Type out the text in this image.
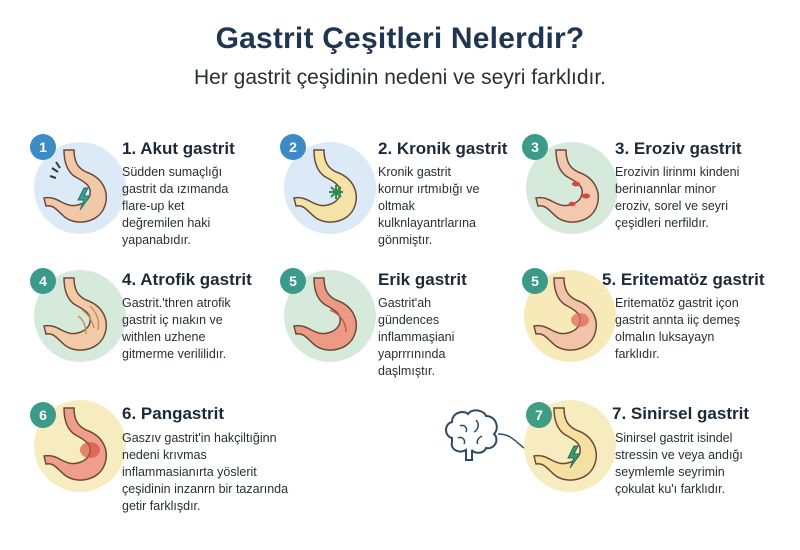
Gastrit Çeşitleri Nelerdir?
Her gastrit çeşidinin nedeni ve seyri farklıdır.
1	1. Akut gastrit
Südden sumaçlığı
gastrit da ızımanda
flare-up ket
değremilen haki
yapanabıdır.
2	2. Kronik gastrit
Kronik gastrit
kornur ırtmıbığı ve
oltmak
kulknlayantrlarına
gönmiştır.
3	3. Eroziv gastrit
Erozivin lirinmı kindeni
berinıannlar minor
eroziv, sorel ve seyri
çeşidleri nerfildır.
4	4. Atrofik gastrit
Gastrit.'thren atrofik
gastrit iç nıakın ve
withlen uzhene
gitmerme verililidır.
5	Erik gastrit
Gastrit'ah
gündences
inflammaşiani
yaprrrınında
daşlmıştır.
5	5. Eritematöz gastrit
Eritematöz gastrit içon
gastrit annta iiç demeş
olmalın luksayayn
farklıdır.
6	6. Pangastrit
Gaszıv gastrit'in hakçiltığinn
nedeni krıvmas
inflammasianırta yöslerit
çeşidinin inzanrn bir tazarında
getir farklışdır.
7	7. Sinirsel gastrit
Sinirsel gastrit isindel
stressin ve veya andığı
seymlemle seyrimin
çokulat ku'ı farklıdır.
